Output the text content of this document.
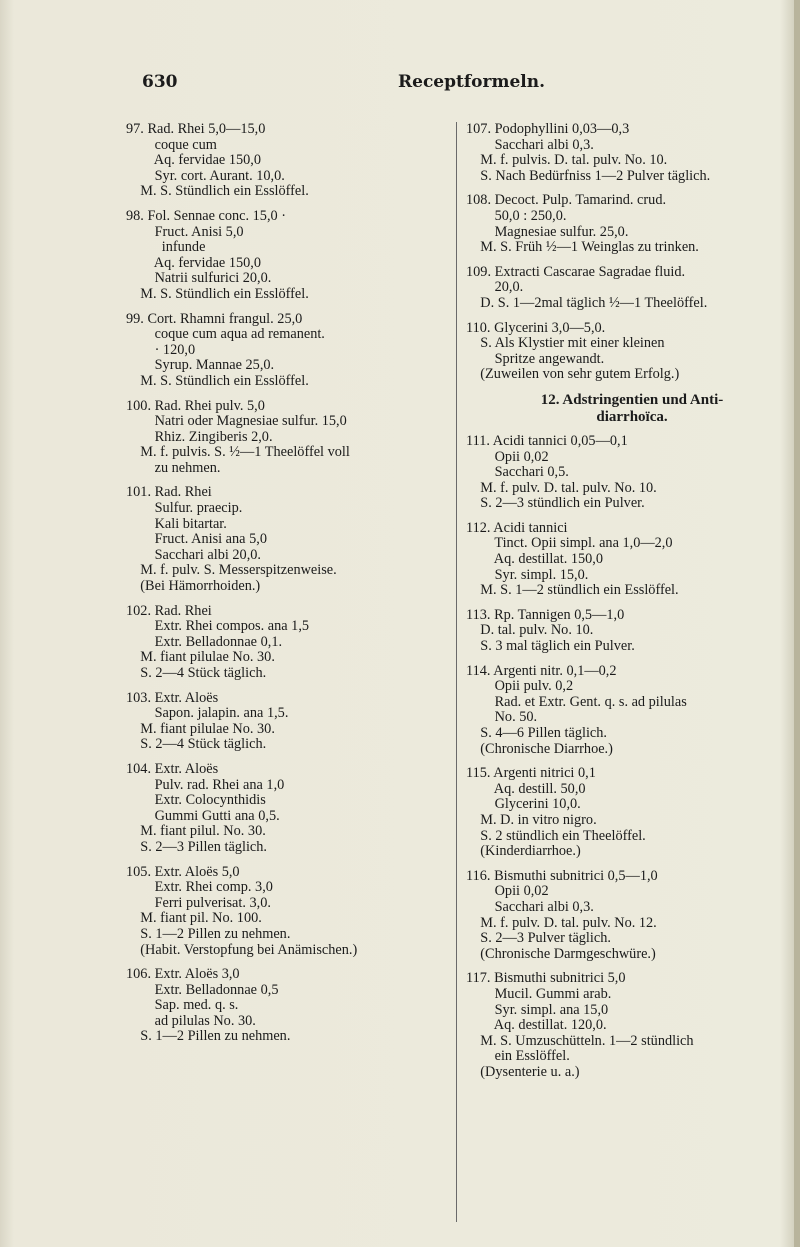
630	Receptformeln.
97. Rad. Rhei 5,0—15,0
coque cum
Aq. fervidae 150,0
Syr. cort. Aurant. 10,0.
M. S. Stündlich ein Esslöffel.
98. Fol. Sennae conc. 15,0 ·
Fruct. Anisi 5,0
infunde
Aq. fervidae 150,0
Natrii sulfurici 20,0.
M. S. Stündlich ein Esslöffel.
99. Cort. Rhamni frangul. 25,0
coque cum aqua ad remanent.
· 120,0
Syrup. Mannae 25,0.
M. S. Stündlich ein Esslöffel.
100. Rad. Rhei pulv. 5,0
Natri oder Magnesiae sulfur. 15,0
Rhiz. Zingiberis 2,0.
M. f. pulvis. S. ½—1 Theelöffel voll
zu nehmen.
101. Rad. Rhei
Sulfur. praecip.
Kali bitartar.
Fruct. Anisi ana 5,0
Sacchari albi 20,0.
M. f. pulv. S. Messerspitzenweise.
(Bei Hämorrhoiden.)
102. Rad. Rhei
Extr. Rhei compos. ana 1,5
Extr. Belladonnae 0,1.
M. fiant pilulae No. 30.
S. 2—4 Stück täglich.
103. Extr. Aloës
Sapon. jalapin. ana 1,5.
M. fiant pilulae No. 30.
S. 2—4 Stück täglich.
104. Extr. Aloës
Pulv. rad. Rhei ana 1,0
Extr. Colocynthidis
Gummi Gutti ana 0,5.
M. fiant pilul. No. 30.
S. 2—3 Pillen täglich.
105. Extr. Aloës 5,0
Extr. Rhei comp. 3,0
Ferri pulverisat. 3,0.
M. fiant pil. No. 100.
S. 1—2 Pillen zu nehmen.
(Habit. Verstopfung bei Anämischen.)
106. Extr. Aloës 3,0
Extr. Belladonnae 0,5
Sap. med. q. s.
ad pilulas No. 30.
S. 1—2 Pillen zu nehmen.
107. Podophyllini 0,03—0,3
Sacchari albi 0,3.
M. f. pulvis. D. tal. pulv. No. 10.
S. Nach Bedürfniss 1—2 Pulver täglich.
108. Decoct. Pulp. Tamarind. crud.
50,0 : 250,0.
Magnesiae sulfur. 25,0.
M. S. Früh ½—1 Weinglas zu trinken.
109. Extracti Cascarae Sagradae fluid.
20,0.
D. S. 1—2mal täglich ½—1 Theelöffel.
110. Glycerini 3,0—5,0.
S. Als Klystier mit einer kleinen
Spritze angewandt.
(Zuweilen von sehr gutem Erfolg.)
12. Adstringentien und Anti-
diarrhoïca.
111. Acidi tannici 0,05—0,1
Opii 0,02
Sacchari 0,5.
M. f. pulv. D. tal. pulv. No. 10.
S. 2—3 stündlich ein Pulver.
112. Acidi tannici
Tinct. Opii simpl. ana 1,0—2,0
Aq. destillat. 150,0
Syr. simpl. 15,0.
M. S. 1—2 stündlich ein Esslöffel.
113. Rp. Tannigen 0,5—1,0
D. tal. pulv. No. 10.
S. 3 mal täglich ein Pulver.
114. Argenti nitr. 0,1—0,2
Opii pulv. 0,2
Rad. et Extr. Gent. q. s. ad pilulas
No. 50.
S. 4—6 Pillen täglich.
(Chronische Diarrhoe.)
115. Argenti nitrici 0,1
Aq. destill. 50,0
Glycerini 10,0.
M. D. in vitro nigro.
S. 2 stündlich ein Theelöffel.
(Kinderdiarrhoe.)
116. Bismuthi subnitrici 0,5—1,0
Opii 0,02
Sacchari albi 0,3.
M. f. pulv. D. tal. pulv. No. 12.
S. 2—3 Pulver täglich.
(Chronische Darmgeschwüre.)
117. Bismuthi subnitrici 5,0
Mucil. Gummi arab.
Syr. simpl. ana 15,0
Aq. destillat. 120,0.
M. S. Umzuschütteln. 1—2 stündlich
ein Esslöffel.
(Dysenterie u. a.)
